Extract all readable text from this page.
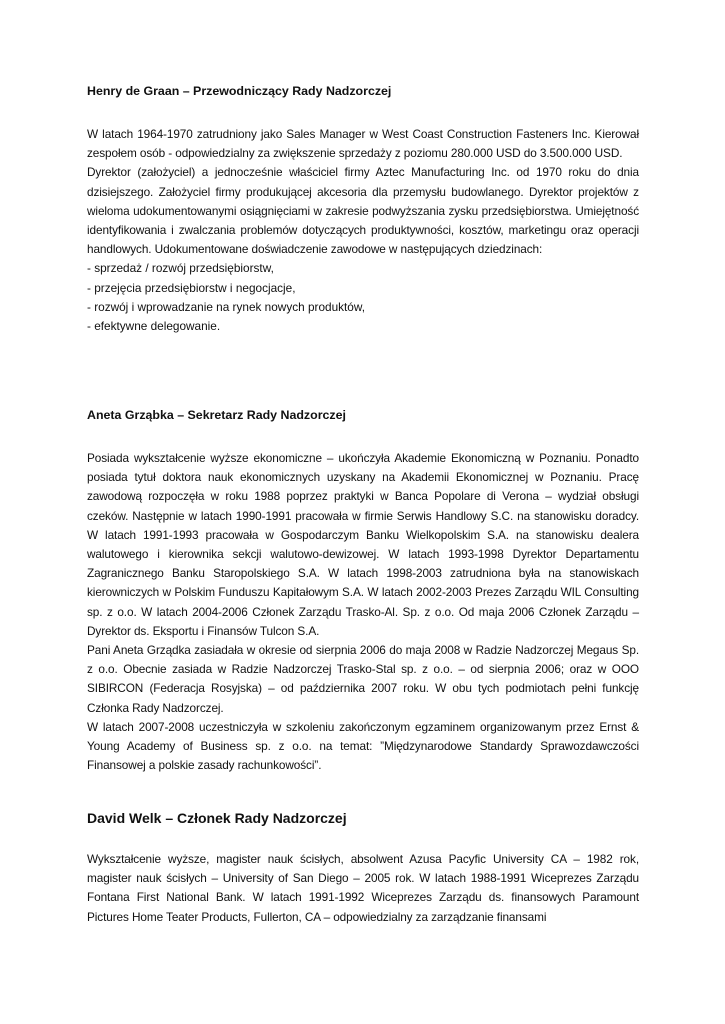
Henry de Graan – Przewodniczący Rady Nadzorczej

W latach 1964-1970 zatrudniony jako Sales Manager w West Coast Construction Fasteners Inc. Kierował zespołem osób - odpowiedzialny za zwiększenie sprzedaży z poziomu 280.000 USD do 3.500.000 USD.

Dyrektor (założyciel) a jednocześnie właściciel firmy Aztec Manufacturing Inc. od 1970 roku do dnia dzisiejszego. Założyciel firmy produkującej akcesoria dla przemysłu budowlanego. Dyrektor projektów z wieloma udokumentowanymi osiągnięciami w zakresie podwyższania zysku przedsiębiorstwa. Umiejętność identyfikowania i zwalczania problemów dotyczących produktywności, kosztów, marketingu oraz operacji handlowych. Udokumentowane doświadczenie zawodowe w następujących dziedzinach:

- sprzedaż / rozwój przedsiębiorstw,
- przejęcia przedsiębiorstw i negocjacje,
- rozwój i wprowadzanie na rynek nowych produktów,
- efektywne delegowanie.
Aneta Grząbka – Sekretarz Rady Nadzorczej

Posiada wykształcenie wyższe ekonomiczne – ukończyła Akademie Ekonomiczną w Poznaniu. Ponadto posiada tytuł doktora nauk ekonomicznych uzyskany na Akademii Ekonomicznej w Poznaniu. Pracę zawodową rozpoczęła w roku 1988 poprzez praktyki w Banca Popolare di Verona – wydział obsługi czeków. Następnie w latach 1990-1991 pracowała w firmie Serwis Handlowy S.C. na stanowisku doradcy. W latach 1991-1993 pracowała w Gospodarczym Banku Wielkopolskim S.A. na stanowisku dealera walutowego i kierownika sekcji walutowo-dewizowej. W latach 1993-1998 Dyrektor Departamentu Zagranicznego Banku Staropolskiego S.A. W latach 1998-2003 zatrudniona była na stanowiskach kierowniczych w Polskim Funduszu Kapitałowym S.A. W latach 2002-2003 Prezes Zarządu WIL Consulting sp. z o.o. W latach 2004-2006 Członek Zarządu Trasko-Al. Sp. z o.o. Od maja 2006 Członek Zarządu – Dyrektor ds. Eksportu i Finansów Tulcon S.A.

Pani Aneta Grządka zasiadała w okresie od sierpnia 2006 do maja 2008 w Radzie Nadzorczej Megaus Sp. z o.o. Obecnie zasiada w Radzie Nadzorczej Trasko-Stal sp. z o.o. – od sierpnia 2006; oraz w OOO SIBIRCON (Federacja Rosyjska) – od października 2007 roku. W obu tych podmiotach pełni funkcję Członka Rady Nadzorczej.

W latach 2007-2008 uczestniczyła w szkoleniu zakończonym egzaminem organizowanym przez Ernst & Young Academy of Business sp. z o.o. na temat: ”Międzynarodowe Standardy Sprawozdawczości Finansowej a polskie zasady rachunkowości”.

David Welk – Członek Rady Nadzorczej

Wykształcenie wyższe, magister nauk ścisłych, absolwent Azusa Pacyfic University CA – 1982 rok, magister nauk ścisłych – University of San Diego – 2005 rok. W latach 1988-1991 Wiceprezes Zarządu Fontana First National Bank. W latach 1991-1992 Wiceprezes Zarządu ds. finansowych Paramount Pictures Home Teater Products, Fullerton, CA – odpowiedzialny za zarządzanie finansami
